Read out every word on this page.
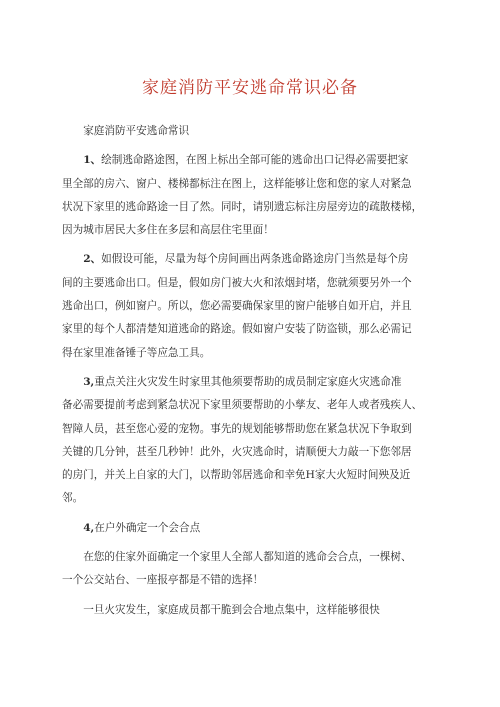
家庭消防平安逃命常识必备

家庭消防平安逃命常识

1、绘制逃命路途图，在图上标出全部可能的逃命出口记得必需要把家
里全部的房六、窗户、楼梯都标注在图上，这样能够让您和您的家人对紧急
状况下家里的逃命路途一目了然。同时，请别遗忘标注房屋旁边的疏散楼梯，
因为城市居民大多住在多层和高层住宅里面！

2、如假设可能，尽量为每个房间画出两条逃命路途房门当然是每个房
间的主要逃命出口。但是，假如房门被大火和浓烟封堵，您就须要另外一个
逃命出口，例如窗户。所以，您必需要确保家里的窗户能够自如开启，并且
家里的每个人都清楚知道逃命的路途。假如窗户安装了防盗锁，那么必需记
得在家里准备锤子等应急工具。

3,重点关注火灾发生时家里其他须要帮助的成员制定家庭火灾逃命准
备必需要提前考虑到紧急状况下家里须要帮助的小孳友、老年人或者残疾人、
智障人员，甚至您心爱的宠物。事先的规划能够帮助您在紧急状况下争取到
关键的几分钟，甚至几秒钟！此外，火灾逃命时，请顺便大力敲一下您邻居
的房门，并关上自家的大门，以帮助邻居逃命和幸免H家大火短时间殃及近
邻。

4,在户外确定一个会合点

在您的住家外面确定一个家里人全部人都知道的逃命会合点，一棵树、
一个公交站台、一座报亭都是不错的选择！

一旦火灾发生，家庭成员都干脆到会合地点集中，这样能够很快
